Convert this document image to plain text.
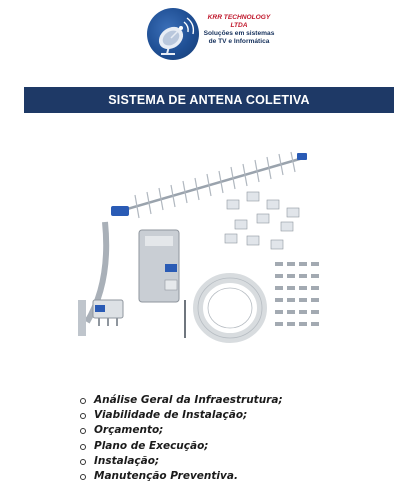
KRR TECHNOLOGY LTDA
Soluções em sistemas
de TV e Informática
SISTEMA DE ANTENA COLETIVA
Análise Geral da Infraestrutura;
Viabilidade de Instalação;
Orçamento;
Plano de Execução;
Instalação;
Manutenção Preventiva.
